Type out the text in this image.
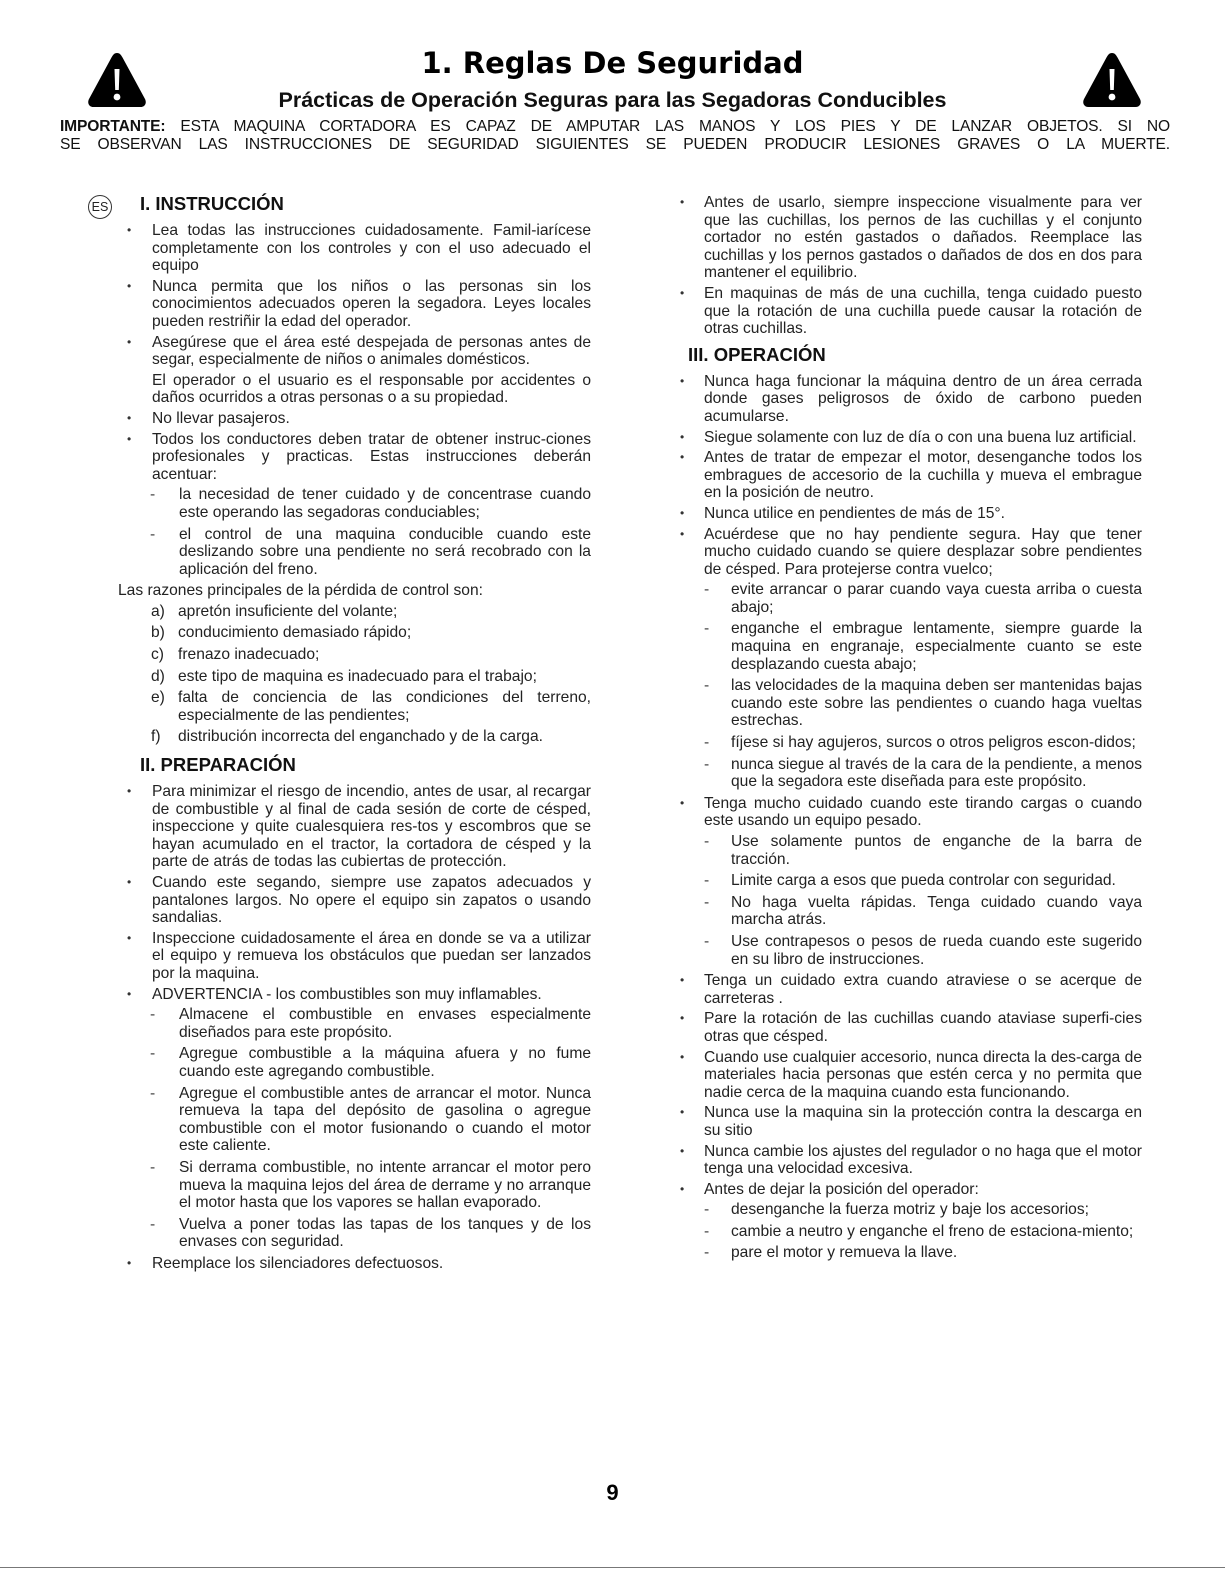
1. Reglas De Seguridad
Prácticas de Operación Seguras para las Segadoras Conducibles
IMPORTANTE: ESTA MAQUINA CORTADORA ES CAPAZ DE AMPUTAR LAS MANOS Y LOS PIES Y DE LANZAR OBJETOS. SI NO
SE OBSERVAN LAS INSTRUCCIONES DE SEGURIDAD SIGUIENTES SE PUEDEN PRODUCIR LESIONES GRAVES O LA MUERTE.
ES I. INSTRUCCIÓN
• Lea todas las instrucciones cuidadosamente. Famil-iarícese completamente con los controles y con el uso adecuado el equipo
• Nunca permita que los niños o las personas sin los conocimientos adecuados operen la segadora. Leyes locales pueden restriñir la edad del operador.
• Asegúrese que el área esté despejada de personas antes de segar, especialmente de niños o animales domésticos.
El operador o el usuario es el responsable por accidentes o daños ocurridos a otras personas o a su propiedad.
• No llevar pasajeros.
• Todos los conductores deben tratar de obtener instruc-ciones profesionales y practicas. Estas instrucciones deberán acentuar:
- la necesidad de tener cuidado y de concentrase cuando este operando las segadoras conduciables;
- el control de una maquina conducible cuando este deslizando sobre una pendiente no será recobrado con la aplicación del freno.
Las razones principales de la pérdida de control son:
a) apretón insuficiente del volante;
b) conducimiento demasiado rápido;
c) frenazo inadecuado;
d) este tipo de maquina es inadecuado para el trabajo;
e) falta de conciencia de las condiciones del terreno, especialmente de las pendientes;
f) distribución incorrecta del enganchado y de la carga.
II. PREPARACIÓN
• Para minimizar el riesgo de incendio, antes de usar, al recargar de combustible y al final de cada sesión de corte de césped, inspeccione y quite cualesquiera res-tos y escombros que se hayan acumulado en el tractor, la cortadora de césped y la parte de atrás de todas las cubiertas de protección.
• Cuando este segando, siempre use zapatos adecuados y pantalones largos. No opere el equipo sin zapatos o usando sandalias.
• Inspeccione cuidadosamente el área en donde se va a utilizar el equipo y remueva los obstáculos que puedan ser lanzados por la maquina.
• ADVERTENCIA - los combustibles son muy inflamables.
- Almacene el combustible en envases especialmente diseñados para este propósito.
- Agregue combustible a la máquina afuera y no fume cuando este agregando combustible.
- Agregue el combustible antes de arrancar el motor. Nunca remueva la tapa del depósito de gasolina o agregue combustible con el motor fusionando o cuando el motor este caliente.
- Si derrama combustible, no intente arrancar el motor pero mueva la maquina lejos del área de derrame y no arranque el motor hasta que los vapores se hallan evaporado.
- Vuelva a poner todas las tapas de los tanques y de los envases con seguridad.
• Reemplace los silenciadores defectuosos.
• Antes de usarlo, siempre inspeccione visualmente para ver que las cuchillas, los pernos de las cuchillas y el conjunto cortador no estén gastados o dañados. Reemplace las cuchillas y los pernos gastados o dañados de dos en dos para mantener el equilibrio.
• En maquinas de más de una cuchilla, tenga cuidado puesto que la rotación de una cuchilla puede causar la rotación de otras cuchillas.
III. OPERACIÓN
• Nunca haga funcionar la máquina dentro de un área cerrada donde gases peligrosos de óxido de carbono pueden acumularse.
• Siegue solamente con luz de día o con una buena luz artificial.
• Antes de tratar de empezar el motor, desenganche todos los embragues de accesorio de la cuchilla y mueva el embrague en la posición de neutro.
• Nunca utilice en pendientes de más de 15°.
• Acuérdese que no hay pendiente segura. Hay que tener mucho cuidado cuando se quiere desplazar sobre pendientes de césped. Para protejerse contra vuelco;
- evite arrancar o parar cuando vaya cuesta arriba o cuesta abajo;
- enganche el embrague lentamente, siempre guarde la maquina en engranaje, especialmente cuanto se este desplazando cuesta abajo;
- las velocidades de la maquina deben ser mantenidas bajas cuando este sobre las pendientes o cuando haga vueltas estrechas.
- fíjese si hay agujeros, surcos o otros peligros escon-didos;
- nunca siegue al través de la cara de la pendiente, a menos que la segadora este diseñada para este propósito.
• Tenga mucho cuidado cuando este tirando cargas o cuando este usando un equipo pesado.
- Use solamente puntos de enganche de la barra de tracción.
- Limite carga a esos que pueda controlar con seguridad.
- No haga vuelta rápidas. Tenga cuidado cuando vaya marcha atrás.
- Use contrapesos o pesos de rueda cuando este sugerido en su libro de instrucciones.
• Tenga un cuidado extra cuando atraviese o se acerque de carreteras .
• Pare la rotación de las cuchillas cuando ataviase superfi-cies otras que césped.
• Cuando use cualquier accesorio, nunca directa la des-carga de materiales hacia personas que estén cerca y no permita que nadie cerca de la maquina cuando esta funcionando.
• Nunca use la maquina sin la protección contra la descarga en su sitio
• Nunca cambie los ajustes del regulador o no haga que el motor tenga una velocidad excesiva.
• Antes de dejar la posición del operador:
- desenganche la fuerza motriz y baje los accesorios;
- cambie a neutro y enganche el freno de estaciona-miento;
- pare el motor y remueva la llave.
9
